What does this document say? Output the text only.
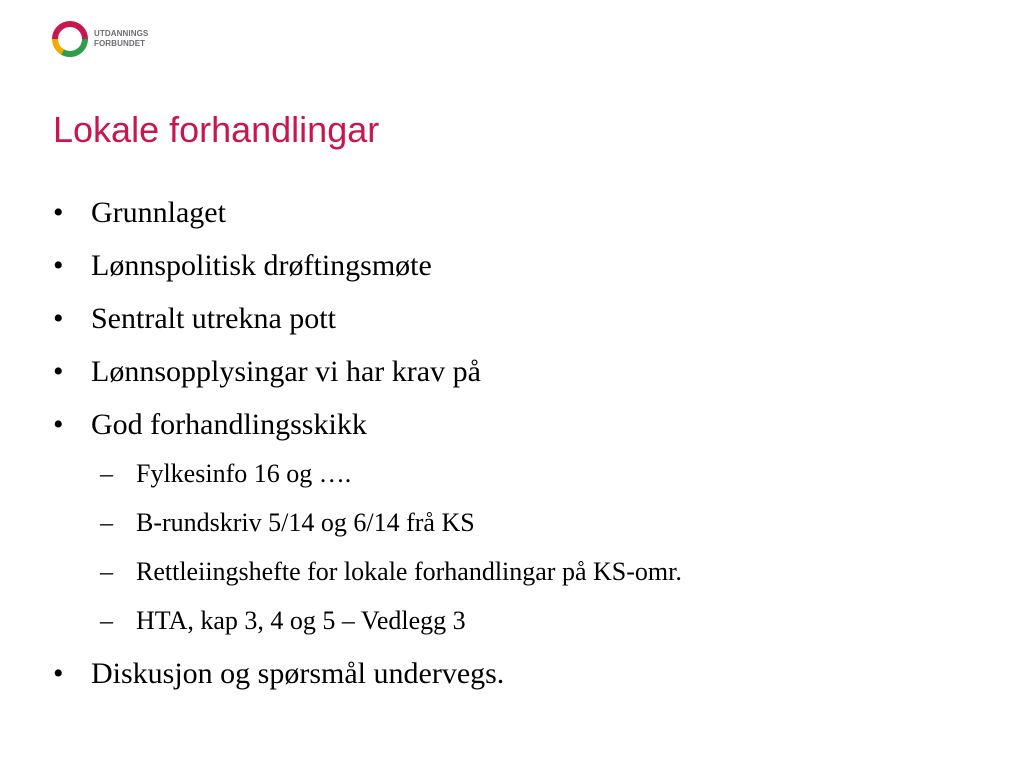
UTDANNINGS
FORBUNDET
Lokale forhandlingar
• Grunnlaget
• Lønnspolitisk drøftingsmøte
• Sentralt utrekna pott
• Lønnsopplysingar vi har krav på
• God forhandlingsskikk
– Fylkesinfo 16 og ….
– B-rundskriv 5/14 og 6/14 frå KS
– Rettleiingshefte for lokale forhandlingar på KS-omr.
– HTA, kap 3, 4 og 5 – Vedlegg 3
• Diskusjon og spørsmål undervegs.
